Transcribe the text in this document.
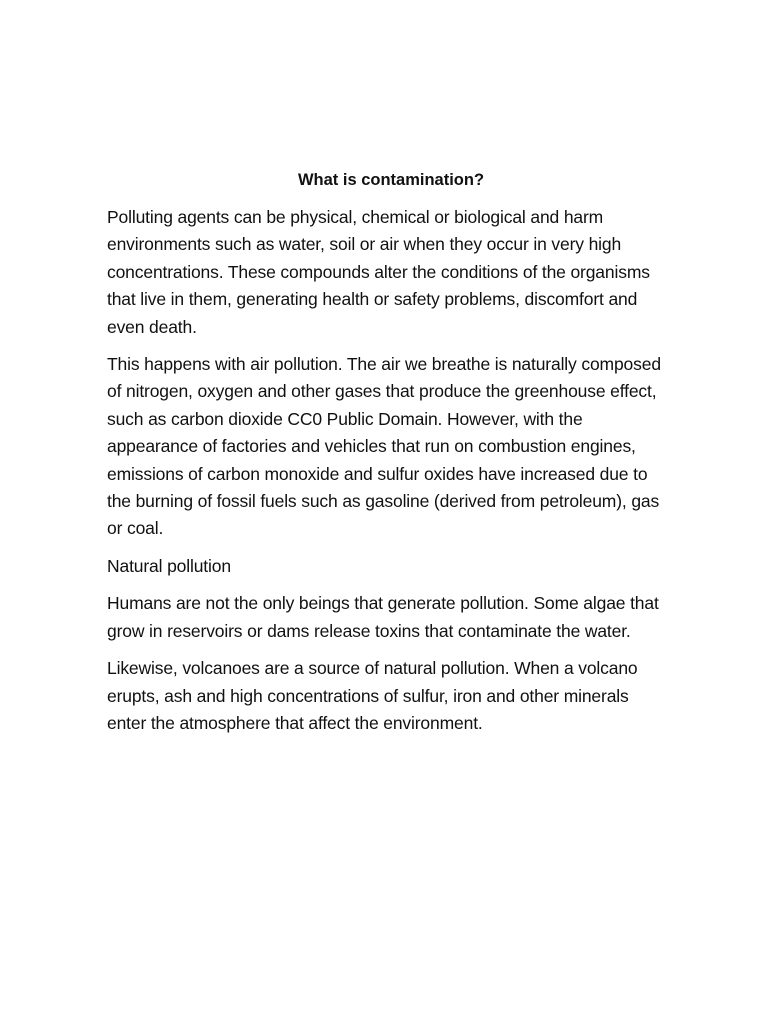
What is contamination?

Polluting agents can be physical, chemical or biological and harm environments such as water, soil or air when they occur in very high concentrations. These compounds alter the conditions of the organisms that live in them, generating health or safety problems, discomfort and even death.

This happens with air pollution. The air we breathe is naturally composed of nitrogen, oxygen and other gases that produce the greenhouse effect, such as carbon dioxide CC0 Public Domain. However, with the appearance of factories and vehicles that run on combustion engines, emissions of carbon monoxide and sulfur oxides have increased due to the burning of fossil fuels such as gasoline (derived from petroleum), gas or coal.

Natural pollution

Humans are not the only beings that generate pollution. Some algae that grow in reservoirs or dams release toxins that contaminate the water.

Likewise, volcanoes are a source of natural pollution. When a volcano erupts, ash and high concentrations of sulfur, iron and other minerals enter the atmosphere that affect the environment.
